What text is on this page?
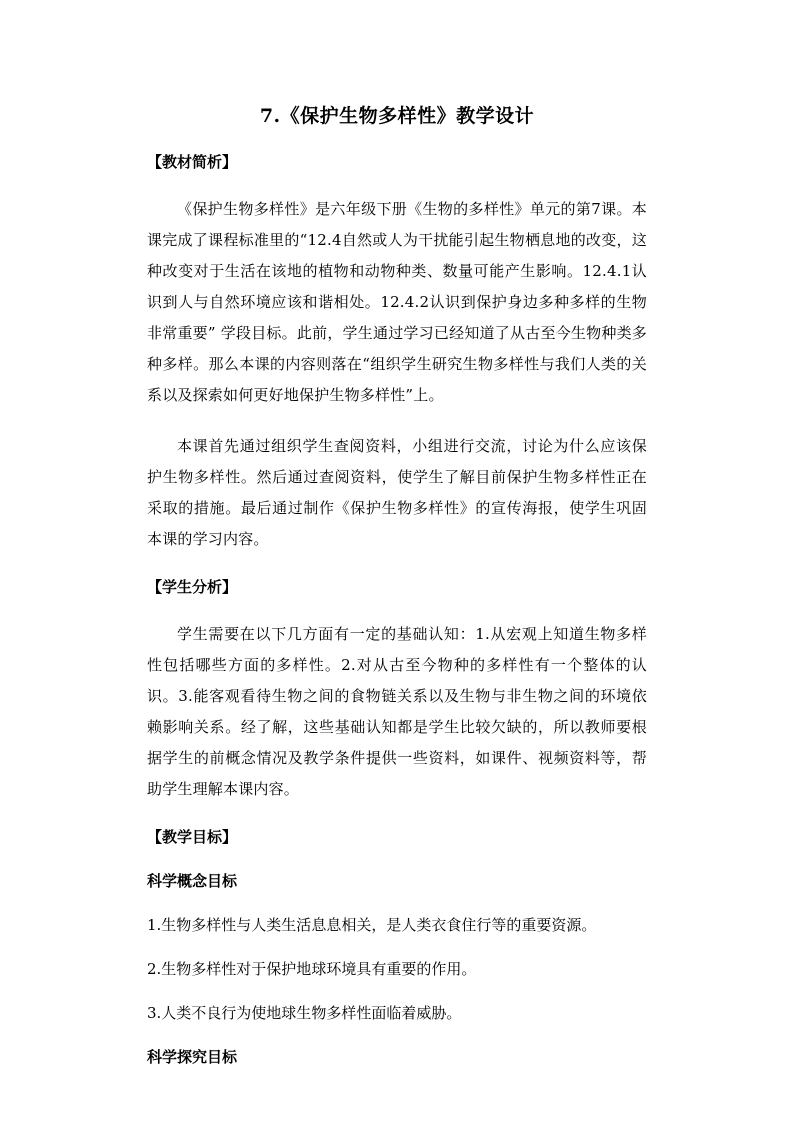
7.《保护生物多样性》教学设计

【教材简析】

《保护生物多样性》是六年级下册《生物的多样性》单元的第7课。本课完成了课程标准里的“12.4自然或人为干扰能引起生物栖息地的改变，这种改变对于生活在该地的植物和动物种类、数量可能产生影响。12.4.1认识到人与自然环境应该和谐相处。12.4.2认识到保护身边多种多样的生物非常重要” 学段目标。此前，学生通过学习已经知道了从古至今生物种类多种多样。那么本课的内容则落在“组织学生研究生物多样性与我们人类的关系以及探索如何更好地保护生物多样性”上。

本课首先通过组织学生查阅资料，小组进行交流，讨论为什么应该保护生物多样性。然后通过查阅资料，使学生了解目前保护生物多样性正在采取的措施。最后通过制作《保护生物多样性》的宣传海报，使学生巩固本课的学习内容。

【学生分析】

学生需要在以下几方面有一定的基础认知：1.从宏观上知道生物多样性包括哪些方面的多样性。2.对从古至今物种的多样性有一个整体的认识。3.能客观看待生物之间的食物链关系以及生物与非生物之间的环境依赖影响关系。经了解，这些基础认知都是学生比较欠缺的，所以教师要根据学生的前概念情况及教学条件提供一些资料，如课件、视频资料等，帮助学生理解本课内容。

【教学目标】

科学概念目标

1.生物多样性与人类生活息息相关，是人类衣食住行等的重要资源。

2.生物多样性对于保护地球环境具有重要的作用。

3.人类不良行为使地球生物多样性面临着威胁。

科学探究目标
